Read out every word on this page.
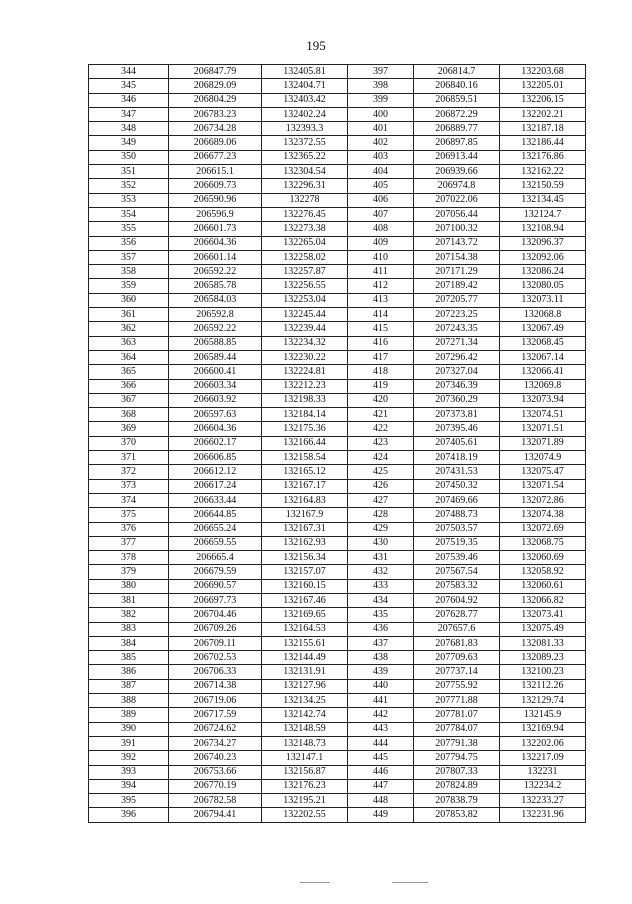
195
344	206847.79	132405.81	397	206814.7	132203.68
345	206829.09	132404.71	398	206840.16	132205.01
346	206804.29	132403.42	399	206859.51	132206.15
347	206783.23	132402.24	400	206872.29	132202.21
348	206734.28	132393.3	401	206889.77	132187.18
349	206689.06	132372.55	402	206897.85	132186.44
350	206677.23	132365.22	403	206913.44	132176.86
351	206615.1	132304.54	404	206939.66	132162.22
352	206609.73	132296.31	405	206974.8	132150.59
353	206590.96	132278	406	207022.06	132134.45
354	206596.9	132276.45	407	207056.44	132124.7
355	206601.73	132273.38	408	207100.32	132108.94
356	206604.36	132265.04	409	207143.72	132096.37
357	206601.14	132258.02	410	207154.38	132092.06
358	206592.22	132257.87	411	207171.29	132086.24
359	206585.78	132256.55	412	207189.42	132080.05
360	206584.03	132253.04	413	207205.77	132073.11
361	206592.8	132245.44	414	207223.25	132068.8
362	206592.22	132239.44	415	207243.35	132067.49
363	206588.85	132234.32	416	207271.34	132068.45
364	206589.44	132230.22	417	207296.42	132067.14
365	206600.41	132224.81	418	207327.04	132066.41
366	206603.34	132212.23	419	207346.39	132069.8
367	206603.92	132198.33	420	207360.29	132073.94
368	206597.63	132184.14	421	207373.81	132074.51
369	206604.36	132175.36	422	207395.46	132071.51
370	206602.17	132166.44	423	207405.61	132071.89
371	206606.85	132158.54	424	207418.19	132074.9
372	206612.12	132165.12	425	207431.53	132075.47
373	206617.24	132167.17	426	207450.32	132071.54
374	206633.44	132164.83	427	207469.66	132072.86
375	206644.85	132167.9	428	207488.73	132074.38
376	206655.24	132167.31	429	207503.57	132072.69
377	206659.55	132162.93	430	207519.35	132068.75
378	206665.4	132156.34	431	207539.46	132060.69
379	206679.59	132157.07	432	207567.54	132058.92
380	206690.57	132160.15	433	207583.32	132060.61
381	206697.73	132167.46	434	207604.92	132066.82
382	206704.46	132169.65	435	207628.77	132073.41
383	206709.26	132164.53	436	207657.6	132075.49
384	206709.11	132155.61	437	207681.83	132081.33
385	206702.53	132144.49	438	207709.63	132089.23
386	206706.33	132131.91	439	207737.14	132100.23
387	206714.38	132127.96	440	207755.92	132112.26
388	206719.06	132134.25	441	207771.88	132129.74
389	206717.59	132142.74	442	207781.07	132145.9
390	206724.62	132148.59	443	207784.07	132169.94
391	206734.27	132148.73	444	207791.38	132202.06
392	206740.23	132147.1	445	207794.75	132217.09
393	206753.66	132156.87	446	207807.33	132231
394	206770.19	132176.23	447	207824.89	132234.2
395	206782.58	132195.21	448	207838.79	132233.27
396	206794.41	132202.55	449	207853.82	132231.96
